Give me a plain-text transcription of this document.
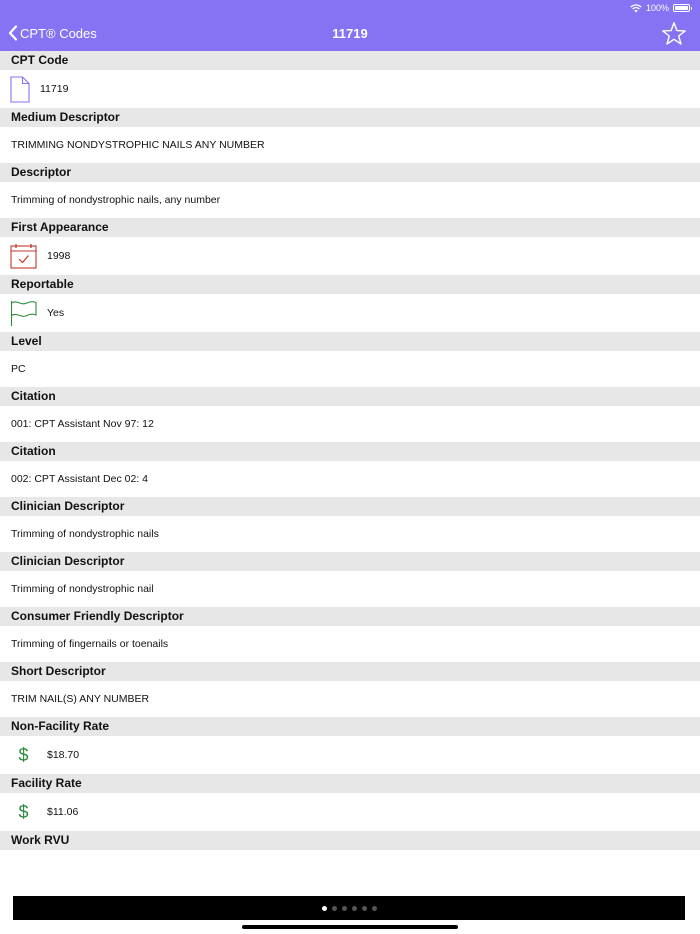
100%
CPT® Codes	11719
CPT Code
11719
Medium Descriptor
TRIMMING NONDYSTROPHIC NAILS ANY NUMBER
Descriptor
Trimming of nondystrophic nails, any number
First Appearance
1998
Reportable
Yes
Level
PC
Citation
001: CPT Assistant Nov 97: 12
Citation
002: CPT Assistant Dec 02: 4
Clinician Descriptor
Trimming of nondystrophic nails
Clinician Descriptor
Trimming of nondystrophic nail
Consumer Friendly Descriptor
Trimming of fingernails or toenails
Short Descriptor
TRIM NAIL(S) ANY NUMBER
Non-Facility Rate
$	$18.70
Facility Rate
$	$11.06
Work RVU
